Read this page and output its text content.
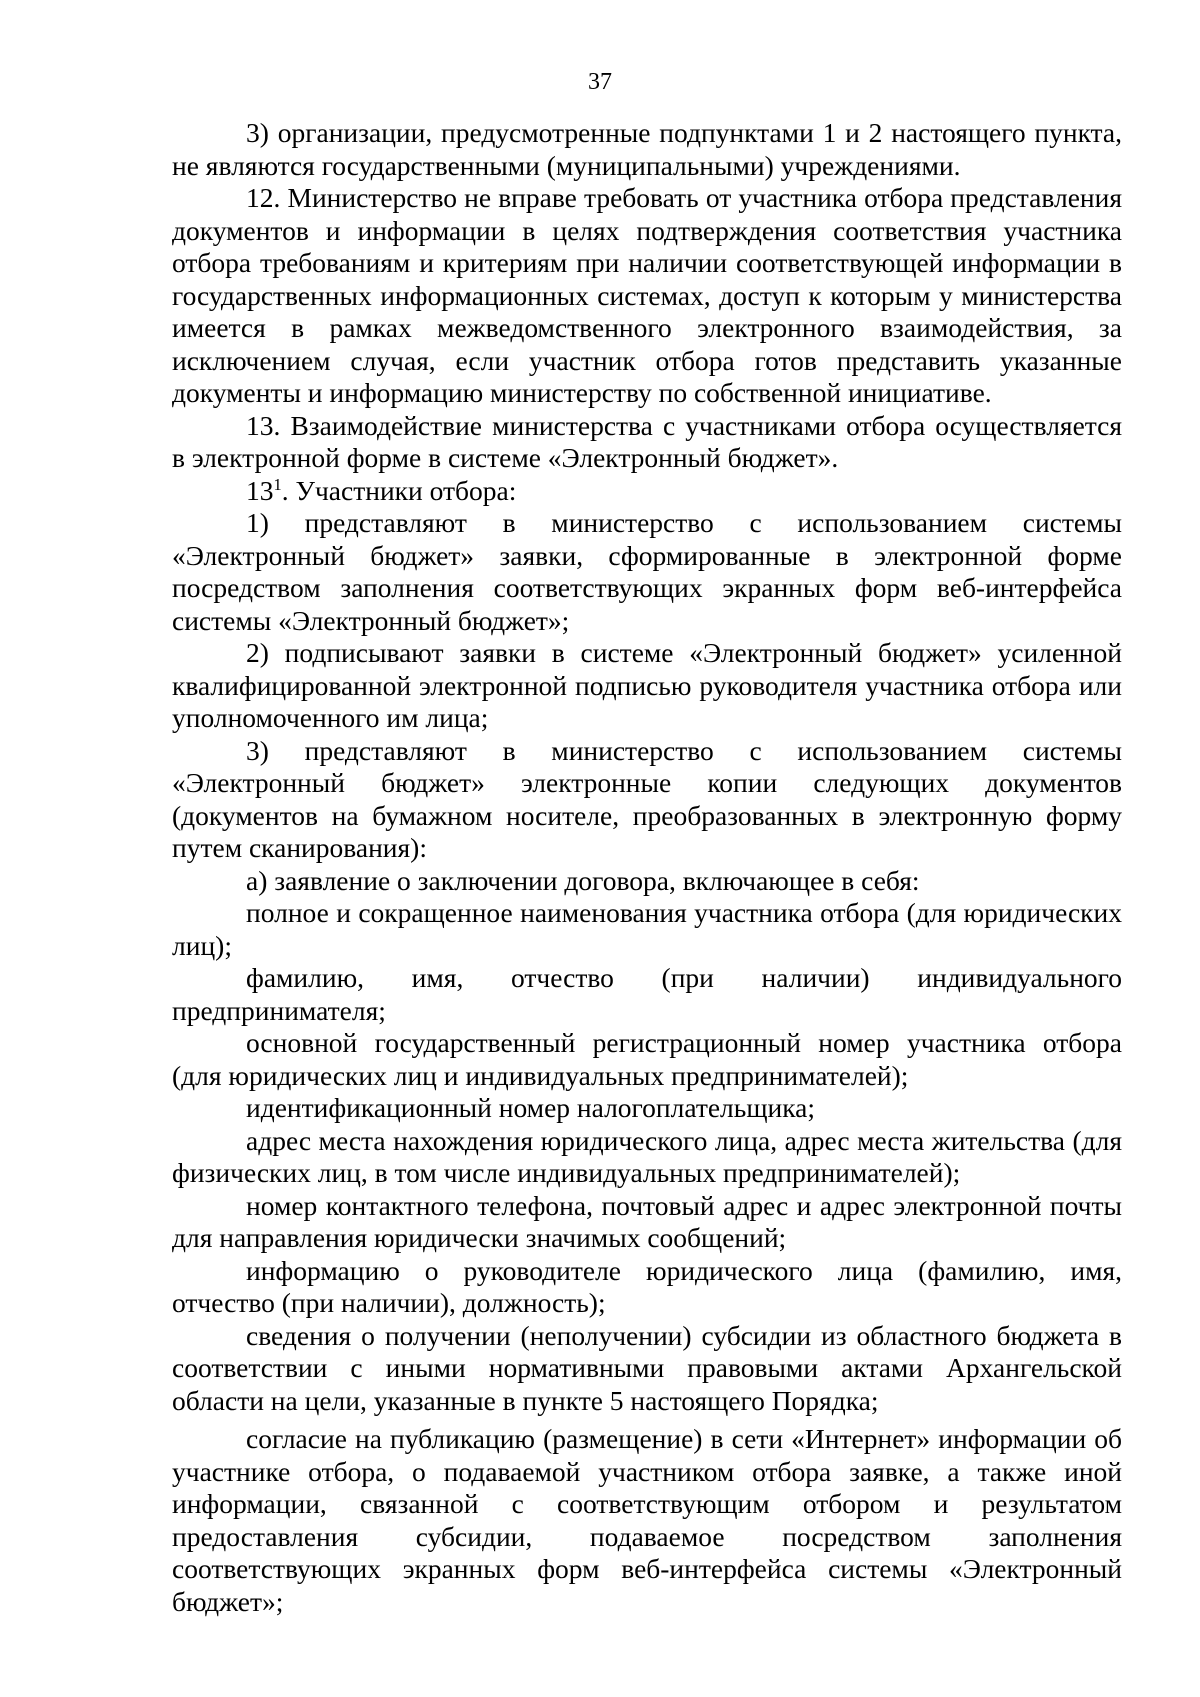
37

3) организации, предусмотренные подпунктами 1 и 2 настоящего пункта, не являются государственными (муниципальными) учреждениями.

12. Министерство не вправе требовать от участника отбора представления документов и информации в целях подтверждения соответствия участника отбора требованиям и критериям при наличии соответствующей информации в государственных информационных системах, доступ к которым у министерства имеется в рамках межведомственного электронного взаимодействия, за исключением случая, если участник отбора готов представить указанные документы и информацию министерству по собственной инициативе.

13. Взаимодействие министерства с участниками отбора осуществляется в электронной форме в системе «Электронный бюджет».

$13^1$. Участники отбора:

1) представляют в министерство с использованием системы «Электронный бюджет» заявки, сформированные в электронной форме посредством заполнения соответствующих экранных форм веб-интерфейса системы «Электронный бюджет»;

2) подписывают заявки в системе «Электронный бюджет» усиленной квалифицированной электронной подписью руководителя участника отбора или уполномоченного им лица;

3) представляют в министерство с использованием системы «Электронный бюджет» электронные копии следующих документов (документов на бумажном носителе, преобразованных в электронную форму путем сканирования):

а) заявление о заключении договора, включающее в себя:

полное и сокращенное наименования участника отбора (для юридических лиц);

фамилию, имя, отчество (при наличии) индивидуального предпринимателя;

основной государственный регистрационный номер участника отбора (для юридических лиц и индивидуальных предпринимателей);

идентификационный номер налогоплательщика;

адрес места нахождения юридического лица, адрес места жительства (для физических лиц, в том числе индивидуальных предпринимателей);

номер контактного телефона, почтовый адрес и адрес электронной почты для направления юридически значимых сообщений;

информацию о руководителе юридического лица (фамилию, имя, отчество (при наличии), должность);

сведения о получении (неполучении) субсидии из областного бюджета в соответствии с иными нормативными правовыми актами Архангельской области на цели, указанные в пункте 5 настоящего Порядка;

согласие на публикацию (размещение) в сети «Интернет» информации об участнике отбора, о подаваемой участником отбора заявке, а также иной информации, связанной с соответствующим отбором и результатом предоставления субсидии, подаваемое посредством заполнения соответствующих экранных форм веб-интерфейса системы «Электронный бюджет»;
